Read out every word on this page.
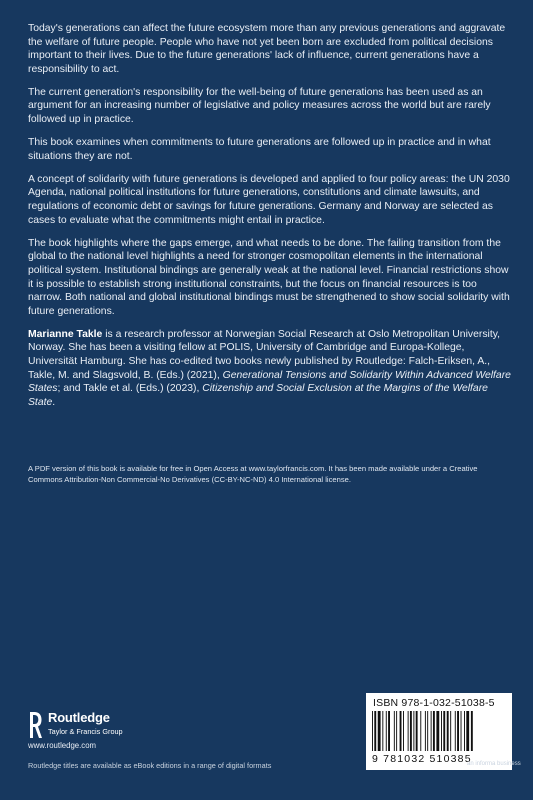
Today's generations can affect the future ecosystem more than any previous generations and aggravate the welfare of future people. People who have not yet been born are excluded from political decisions important to their lives. Due to the future generations' lack of influence, current generations have a responsibility to act.

The current generation's responsibility for the well-being of future generations has been used as an argument for an increasing number of legislative and policy measures across the world but are rarely followed up in practice.

This book examines when commitments to future generations are followed up in practice and in what situations they are not.

A concept of solidarity with future generations is developed and applied to four policy areas: the UN 2030 Agenda, national political institutions for future generations, constitutions and climate lawsuits, and regulations of economic debt or savings for future generations. Germany and Norway are selected as cases to evaluate what the commitments might entail in practice.

The book highlights where the gaps emerge, and what needs to be done. The failing transition from the global to the national level highlights a need for stronger cosmopolitan elements in the international political system. Institutional bindings are generally weak at the national level. Financial restrictions show it is possible to establish strong institutional constraints, but the focus on financial resources is too narrow. Both national and global institutional bindings must be strengthened to show social solidarity with future generations.

Marianne Takle is a research professor at Norwegian Social Research at Oslo Metropolitan University, Norway. She has been a visiting fellow at POLIS, University of Cambridge and Europa-Kollege, Universität Hamburg. She has co-edited two books newly published by Routledge: Falch-Eriksen, A., Takle, M. and Slagsvold, B. (Eds.) (2021), Generational Tensions and Solidarity Within Advanced Welfare States; and Takle et al. (Eds.) (2023), Citizenship and Social Exclusion at the Margins of the Welfare State.

A PDF version of this book is available for free in Open Access at www.taylorfrancis.com. It has been made available under a Creative Commons Attribution-Non Commercial-No Derivatives (CC-BY-NC-ND) 4.0 International license.
Routledge
Taylor & Francis Group
www.routledge.com
Routledge titles are available as eBook editions in a range of digital formats
ISBN 978-1-032-51038-5
9 781032 510385
an informa business
